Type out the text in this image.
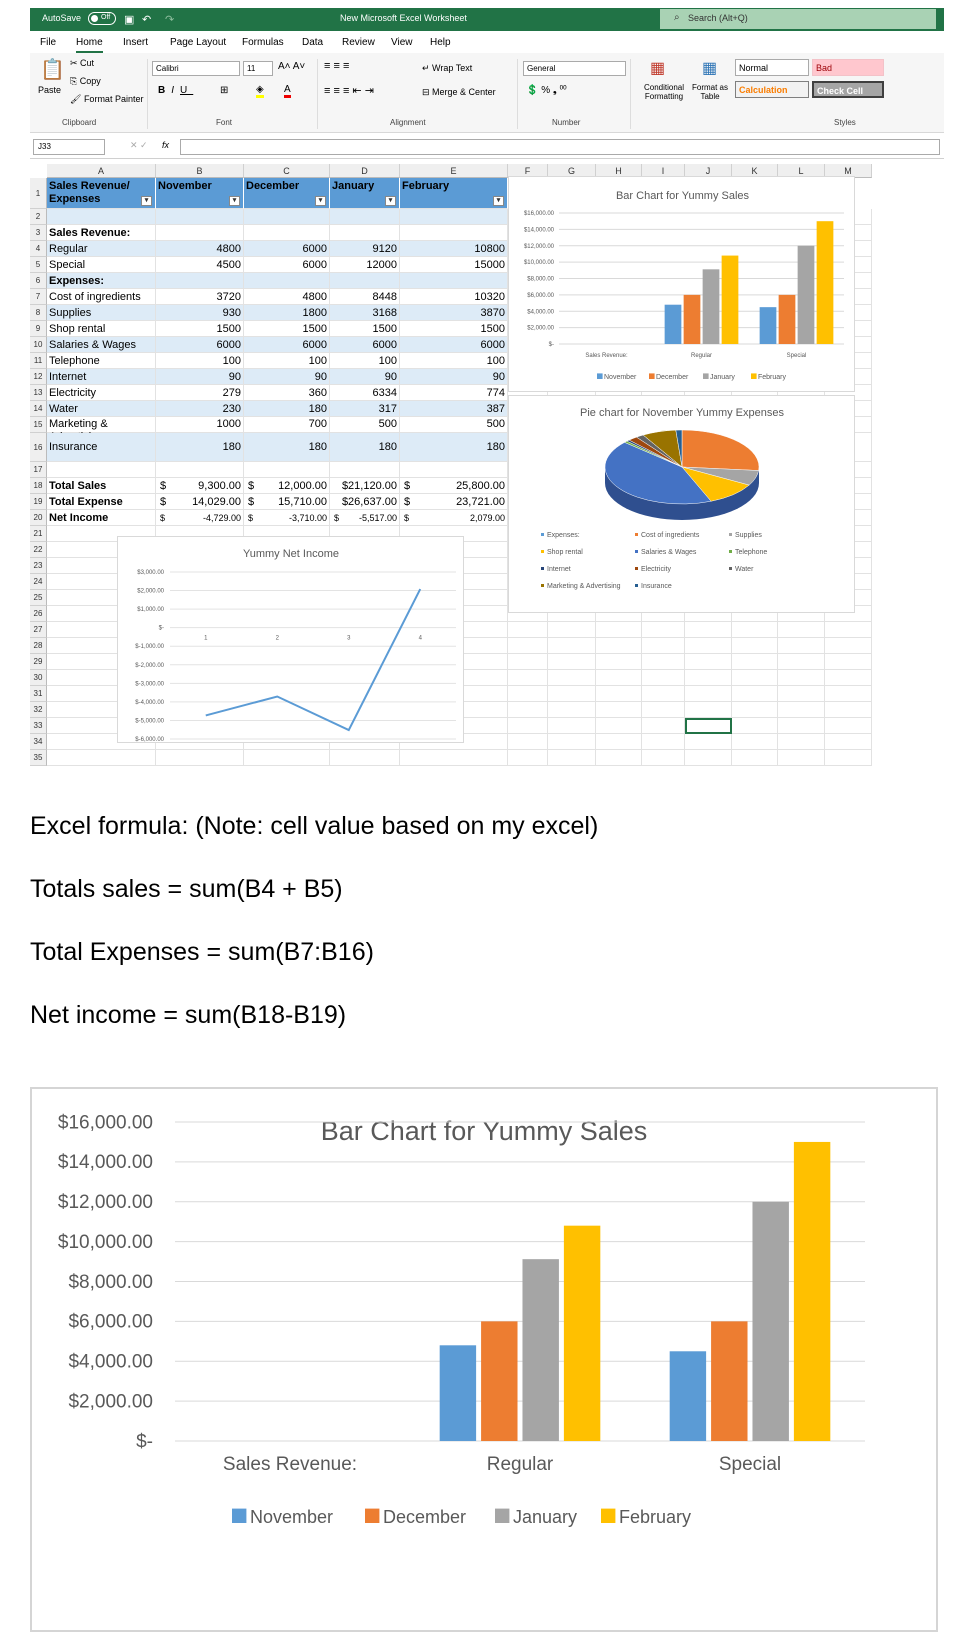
AutoSave	Off	▣ ↶ ↷	New Microsoft Excel Worksheet	⌕ Search (Alt+Q)
File Home Insert Page Layout Formulas Data Review View Help
📋
Paste
✂ Cut
⎘ Copy
🖌 Format Painter
Clipboard
Calibri	11	A˄ A˅
BIU	⊞	◈ A
Font
≡ ≡ ≡
≡ ≡ ≡ ⇤ ⇥
↵ Wrap Text
⊟ Merge & Center
Alignment
General
💲 % ❟ ⁰⁰
Number
▦
Conditional Formatting
▦
Format as Table
Normal	Bad
Calculation	Check Cell
Styles
J33	✕ ✓ fx
A	B	C	D	E	F	G	H	I	J	K	L	M
1
2
3
4
5
6
7
8
9
10
11
12
13
14
15
16
17
18
19
20
21
22
23
24
25
26
27
28
29
30
31
32
33
34
35
Sales Revenue/ Expenses	▾
November
▾
December
▾
January
▾
February
▾
Sales Revenue:
Regular	4800	6000	9120	10800
Special	4500	6000	12000	15000
Expenses:
Cost of ingredients	3720	4800	8448	10320
Supplies	930	1800	3168	3870
Shop rental	1500	1500	1500	1500
Salaries & Wages	6000	6000	6000	6000
Telephone	100	100	100	100
Internet	90	90	90	90
Electricity	279	360	6334	774
Water	230	180	317	387
Marketing &	1000	700	500	500
Insurance	180	180	180	180
Total Sales	9,300.00
$	12,000.00
$	$21,120.00	25,800.00
$
Total Expense	14,029.00
$	15,710.00
$	$26,637.00	23,721.00
$
Net Income	-4,729.00
$	-3,710.00
$	-5,517.00
$	2,079.00
$
Bar Chart for Yummy Sales
$16,000.00
$14,000.00
$12,000.00
$10,000.00
$8,000.00
$6,000.00
$4,000.00
$2,000.00
$-
Sales Revenue:	Regular	Special
November	December	January	February
Pie chart for November Yummy Expenses
Expenses:	Cost of ingredients	Supplies
Shop rental	Salaries & Wages	Telephone
Internet	Electricity	Water
Marketing & Advertising	Insurance
Yummy Net Income
$3,000.00
$2,000.00
$1,000.00
$-
$-1,000.00
$-2,000.00
$-3,000.00
$-4,000.00
$-5,000.00
$-6,000.00
1	2	3	4
Excel formula: (Note: cell value based on my excel)
Totals sales = sum(B4 + B5)
Total Expenses = sum(B7:B16)
Net income = sum(B18-B19)
Bar Chart for Yummy Sales
$16,000.00
$14,000.00
$12,000.00
$10,000.00
$8,000.00
$6,000.00
$4,000.00
$2,000.00
$-
Sales Revenue:	Regular	Special
November	December	January February
